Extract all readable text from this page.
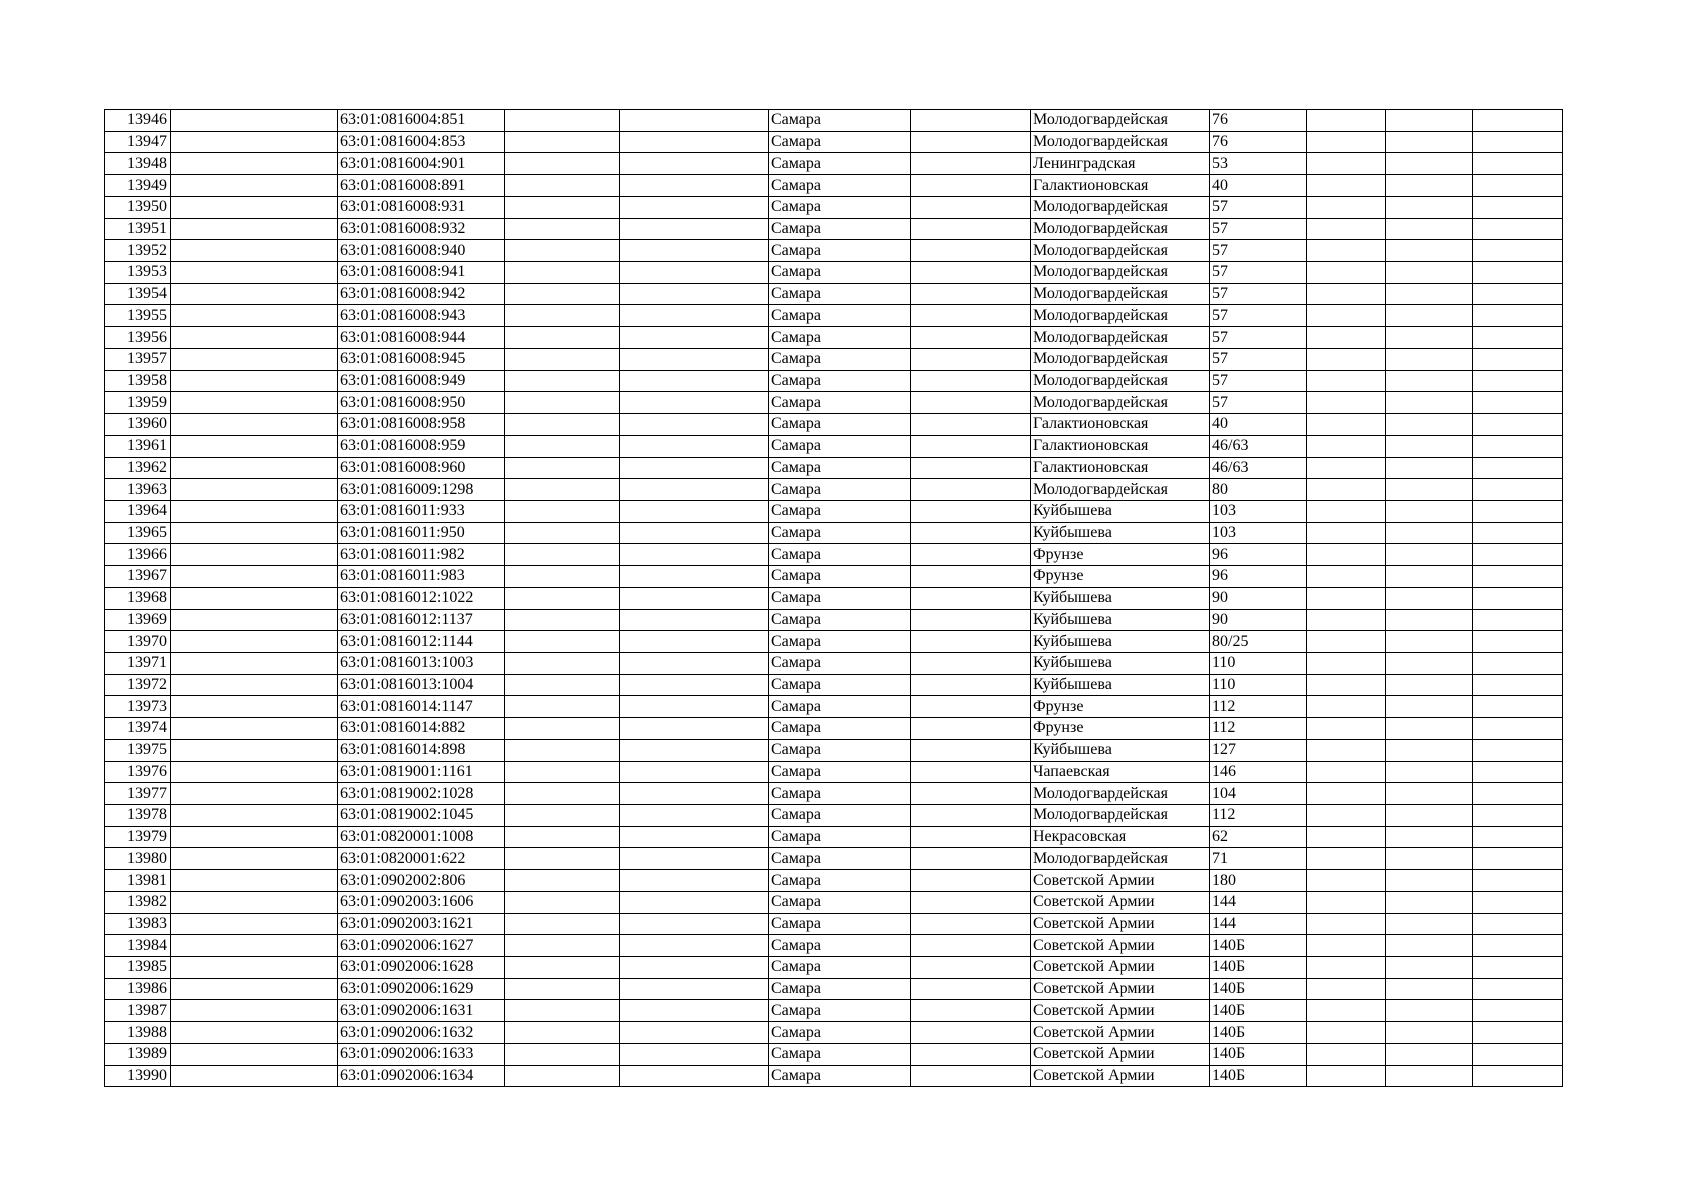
13946		63:01:0816004:851			Самара		Молодогвардейская	76			
13947		63:01:0816004:853			Самара		Молодогвардейская	76			
13948		63:01:0816004:901			Самара		Ленинградская	53			
13949		63:01:0816008:891			Самара		Галактионовская	40			
13950		63:01:0816008:931			Самара		Молодогвардейская	57			
13951		63:01:0816008:932			Самара		Молодогвардейская	57			
13952		63:01:0816008:940			Самара		Молодогвардейская	57			
13953		63:01:0816008:941			Самара		Молодогвардейская	57			
13954		63:01:0816008:942			Самара		Молодогвардейская	57			
13955		63:01:0816008:943			Самара		Молодогвардейская	57			
13956		63:01:0816008:944			Самара		Молодогвардейская	57			
13957		63:01:0816008:945			Самара		Молодогвардейская	57			
13958		63:01:0816008:949			Самара		Молодогвардейская	57			
13959		63:01:0816008:950			Самара		Молодогвардейская	57			
13960		63:01:0816008:958			Самара		Галактионовская	40			
13961		63:01:0816008:959			Самара		Галактионовская	46/63			
13962		63:01:0816008:960			Самара		Галактионовская	46/63			
13963		63:01:0816009:1298			Самара		Молодогвардейская	80			
13964		63:01:0816011:933			Самара		Куйбышева	103			
13965		63:01:0816011:950			Самара		Куйбышева	103			
13966		63:01:0816011:982			Самара		Фрунзе	96			
13967		63:01:0816011:983			Самара		Фрунзе	96			
13968		63:01:0816012:1022			Самара		Куйбышева	90			
13969		63:01:0816012:1137			Самара		Куйбышева	90			
13970		63:01:0816012:1144			Самара		Куйбышева	80/25			
13971		63:01:0816013:1003			Самара		Куйбышева	110			
13972		63:01:0816013:1004			Самара		Куйбышева	110			
13973		63:01:0816014:1147			Самара		Фрунзе	112			
13974		63:01:0816014:882			Самара		Фрунзе	112			
13975		63:01:0816014:898			Самара		Куйбышева	127			
13976		63:01:0819001:1161			Самара		Чапаевская	146			
13977		63:01:0819002:1028			Самара		Молодогвардейская	104			
13978		63:01:0819002:1045			Самара		Молодогвардейская	112			
13979		63:01:0820001:1008			Самара		Некрасовская	62			
13980		63:01:0820001:622			Самара		Молодогвардейская	71			
13981		63:01:0902002:806			Самара		Советской Армии	180			
13982		63:01:0902003:1606			Самара		Советской Армии	144			
13983		63:01:0902003:1621			Самара		Советской Армии	144			
13984		63:01:0902006:1627			Самара		Советской Армии	140Б			
13985		63:01:0902006:1628			Самара		Советской Армии	140Б			
13986		63:01:0902006:1629			Самара		Советской Армии	140Б			
13987		63:01:0902006:1631			Самара		Советской Армии	140Б			
13988		63:01:0902006:1632			Самара		Советской Армии	140Б			
13989		63:01:0902006:1633			Самара		Советской Армии	140Б			
13990		63:01:0902006:1634			Самара		Советской Армии	140Б			
